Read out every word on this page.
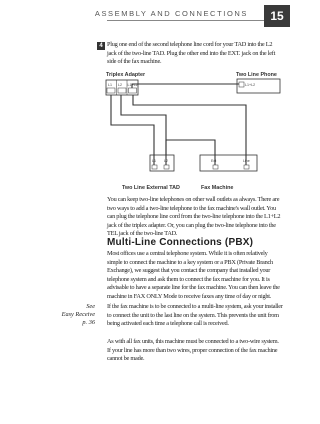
ASSEMBLY AND CONNECTIONS	15
4 Plug one end of the second telephone line cord for your TAD into the L2 jack of the two-line TAD. Plug the other end into the EXT. jack on the left side of the fax machine.

Triplex Adapter	Two Line Phone
Two Line External TAD	Fax Machine
L1 L2 L1+L2	L1+L2
L1 L2	Ext	Line

You can keep two-line telephones on other wall outlets as always. There are two ways to add a two-line telephone to the fax machine's wall outlet. You can plug the telephone line cord from the two-line telephone into the L1+L2 jack of the triplex adapter. Or, you can plug the two-line telephone into the TEL jack of the two-line TAD.

Multi-Line Connections (PBX)

Most offices use a central telephone system. While it is often relatively simple to connect the machine to a key system or a PBX (Private Branch Exchange), we suggest that you contact the company that installed your telephone system and ask them to connect the fax machine for you. It is advisable to have a separate line for the fax machine. You can then leave the machine in FAX ONLY Mode to receive faxes any time of day or night.

See
Easy Receive
p. 36

If the fax machine is to be connected to a multi-line system, ask your installer to connect the unit to the last line on the system. This prevents the unit from being activated each time a telephone call is received.

As with all fax units, this machine must be connected to a two-wire system. If your line has more than two wires, proper connection of the fax machine cannot be made.
